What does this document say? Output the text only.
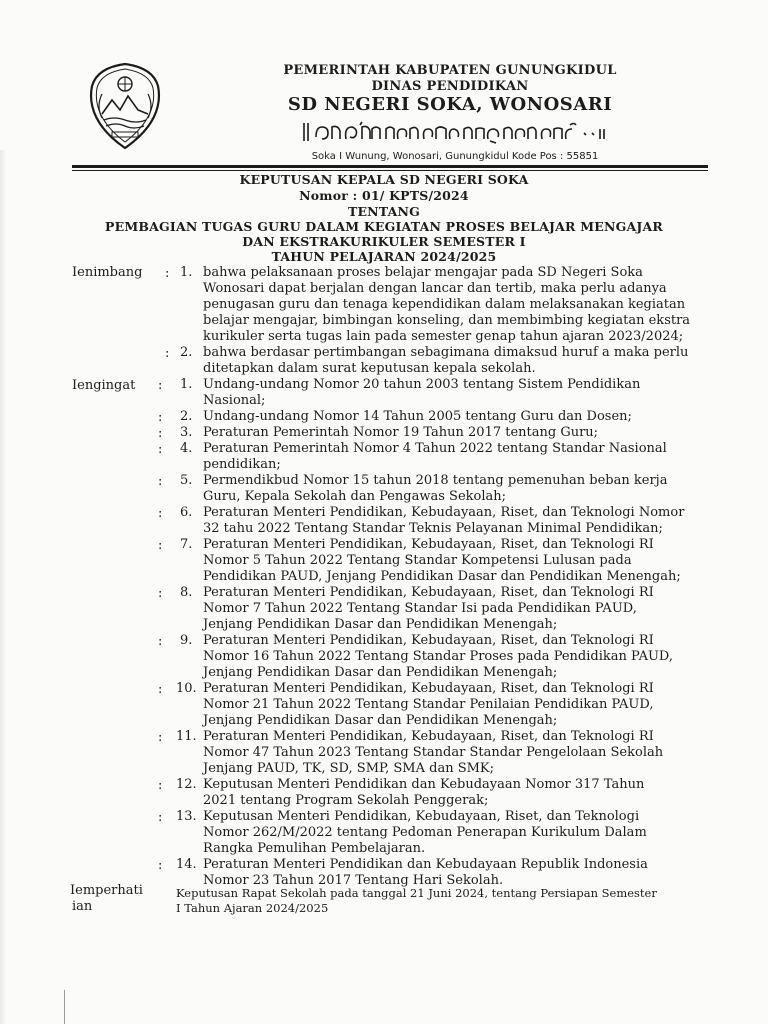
PEMERINTAH KABUPATEN GUNUNGKIDUL
DINAS PENDIDIKAN
SD NEGERI SOKA, WONOSARI
Soka I Wunung, Wonosari, Gunungkidul Kode Pos : 55851
KEPUTUSAN KEPALA SD NEGERI SOKA
Nomor : 01/ KPTS/2024
TENTANG
PEMBAGIAN TUGAS GURU DALAM KEGIATAN PROSES BELAJAR MENGAJAR
DAN EKSTRAKURIKULER SEMESTER I
TAHUN PELAJARAN 2024/2025
Ienimbang :
:
1. bahwa pelaksanaan proses belajar mengajar pada SD Negeri Soka
Wonosari dapat berjalan dengan lancar dan tertib, maka perlu adanya
penugasan guru dan tenaga kependidikan dalam melaksanakan kegiatan
belajar mengajar, bimbingan konseling, dan membimbing kegiatan ekstra
kurikuler serta tugas lain pada semester genap tahun ajaran 2023/2024;
2. bahwa berdasar pertimbangan sebagimana dimaksud huruf a maka perlu
ditetapkan dalam surat keputusan kepala sekolah.
Iengingat : 1. Undang-undang Nomor 20 tahun 2003 tentang Sistem Pendidikan
Nasional;
: 2. Undang-undang Nomor 14 Tahun 2005 tentang Guru dan Dosen;
: 3. Peraturan Pemerintah Nomor 19 Tahun 2017 tentang Guru;
: 4. Peraturan Pemerintah Nomor 4 Tahun 2022 tentang Standar Nasional
pendidikan;
: 5. Permendikbud Nomor 15 tahun 2018 tentang pemenuhan beban kerja
Guru, Kepala Sekolah dan Pengawas Sekolah;
: 6. Peraturan Menteri Pendidikan, Kebudayaan, Riset, dan Teknologi Nomor
32 tahu 2022 Tentang Standar Teknis Pelayanan Minimal Pendidikan;
: 7. Peraturan Menteri Pendidikan, Kebudayaan, Riset, dan Teknologi RI
Nomor 5 Tahun 2022 Tentang Standar Kompetensi Lulusan pada
Pendidikan PAUD, Jenjang Pendidikan Dasar dan Pendidikan Menengah;
: 8. Peraturan Menteri Pendidikan, Kebudayaan, Riset, dan Teknologi RI
Nomor 7 Tahun 2022 Tentang Standar Isi pada Pendidikan PAUD,
Jenjang Pendidikan Dasar dan Pendidikan Menengah;
: 9. Peraturan Menteri Pendidikan, Kebudayaan, Riset, dan Teknologi RI
Nomor 16 Tahun 2022 Tentang Standar Proses pada Pendidikan PAUD,
Jenjang Pendidikan Dasar dan Pendidikan Menengah;
: 10. Peraturan Menteri Pendidikan, Kebudayaan, Riset, dan Teknologi RI
Nomor 21 Tahun 2022 Tentang Standar Penilaian Pendidikan PAUD,
Jenjang Pendidikan Dasar dan Pendidikan Menengah;
: 11. Peraturan Menteri Pendidikan, Kebudayaan, Riset, dan Teknologi RI
Nomor 47 Tahun 2023 Tentang Standar Standar Pengelolaan Sekolah
Jenjang PAUD, TK, SD, SMP, SMA dan SMK;
: 12. Keputusan Menteri Pendidikan dan Kebudayaan Nomor 317 Tahun
2021 tentang Program Sekolah Penggerak;
: 13. Keputusan Menteri Pendidikan, Kebudayaan, Riset, dan Teknologi
Nomor 262/M/2022 tentang Pedoman Penerapan Kurikulum Dalam
Rangka Pemulihan Pembelajaran.
: 14. Peraturan Menteri Pendidikan dan Kebudayaan Republik Indonesia
Nomor 23 Tahun 2017 Tentang Hari Sekolah.
Iemperhati
ian
Keputusan Rapat Sekolah pada tanggal 21 Juni 2024, tentang Persiapan Semester
I Tahun Ajaran 2024/2025
